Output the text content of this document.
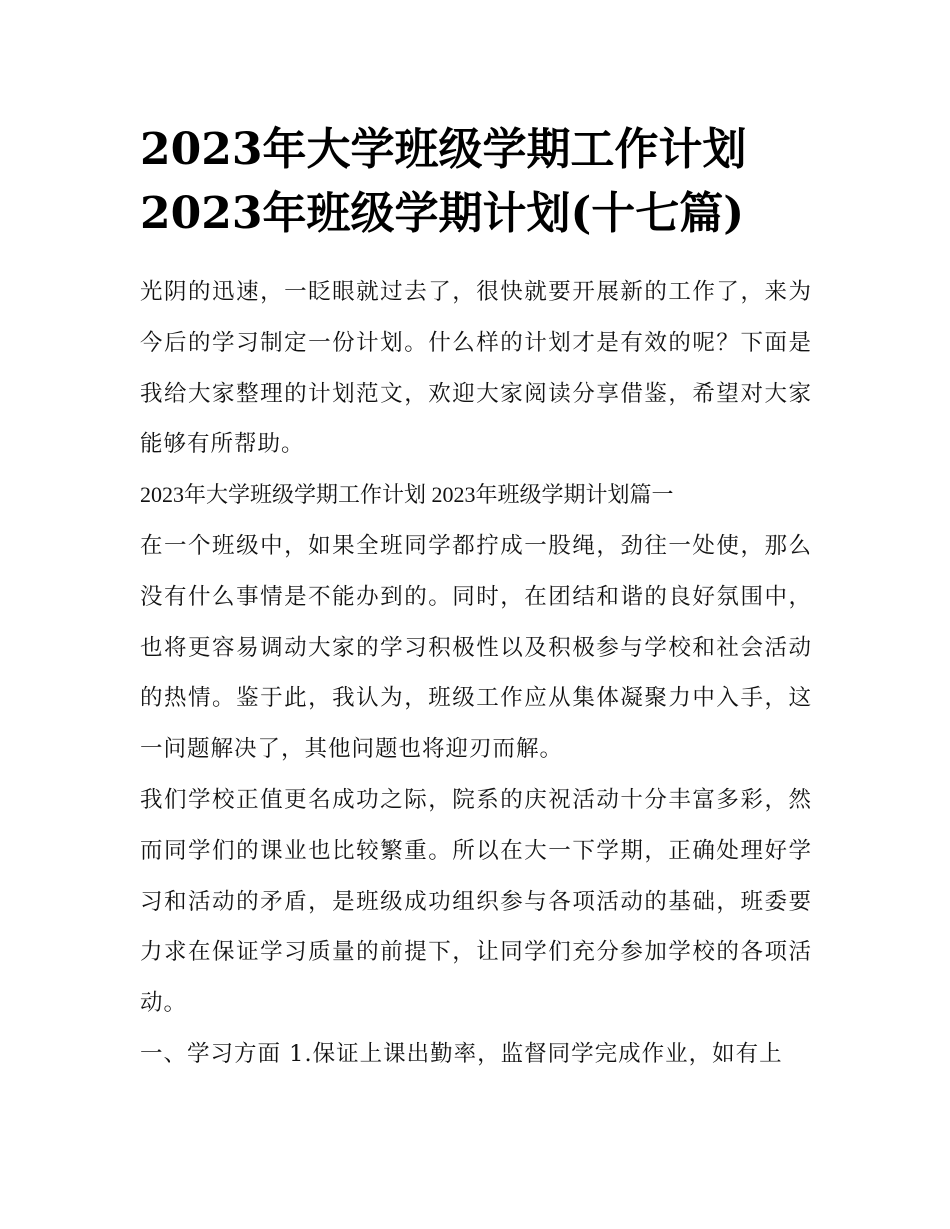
2023年大学班级学期工作计划
2023年班级学期计划(十七篇)

光阴的迅速，一眨眼就过去了，很快就要开展新的工作了，来为今后的学习制定一份计划。什么样的计划才是有效的呢？下面是我给大家整理的计划范文，欢迎大家阅读分享借鉴，希望对大家能够有所帮助。

2023年大学班级学期工作计划 2023年班级学期计划篇一

在一个班级中，如果全班同学都拧成一股绳，劲往一处使，那么没有什么事情是不能办到的。同时，在团结和谐的良好氛围中，也将更容易调动大家的学习积极性以及积极参与学校和社会活动的热情。鉴于此，我认为，班级工作应从集体凝聚力中入手，这一问题解决了，其他问题也将迎刃而解。

我们学校正值更名成功之际，院系的庆祝活动十分丰富多彩，然而同学们的课业也比较繁重。所以在大一下学期，正确处理好学习和活动的矛盾，是班级成功组织参与各项活动的基础，班委要力求在保证学习质量的前提下，让同学们充分参加学校的各项活动。

一、学习方面 1.保证上课出勤率，监督同学完成作业，如有上
